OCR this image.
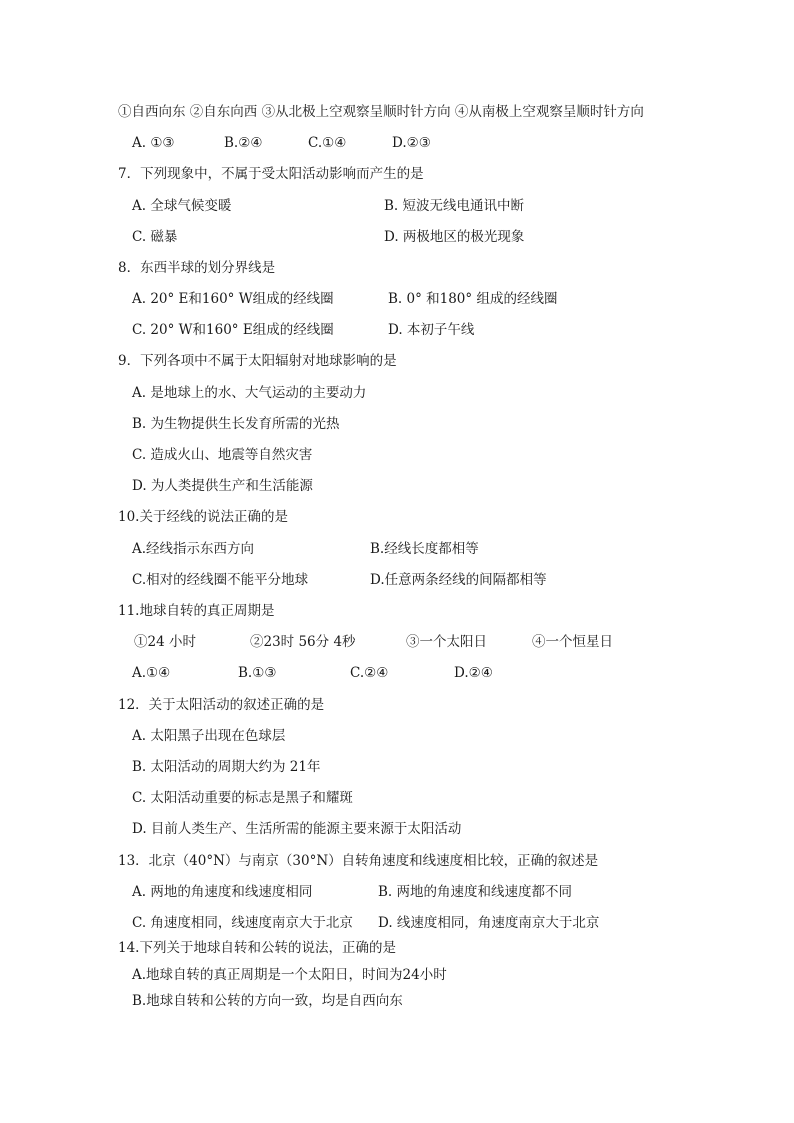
①自西向东 ②自东向西 ③从北极上空观察呈顺时针方向 ④从南极上空观察呈顺时针方向
A. ①③	B.②④	C.①④	D.②③
7．下列现象中，不属于受太阳活动影响而产生的是
A. 全球气候变暖	B. 短波无线电通讯中断
C. 磁暴	D. 两极地区的极光现象
8．东西半球的划分界线是
A. 20° E和160° W组成的经线圈	B. 0° 和180° 组成的经线圈
C. 20° W和160° E组成的经线圈	D. 本初子午线
9．下列各项中不属于太阳辐射对地球影响的是
A. 是地球上的水、大气运动的主要动力
B. 为生物提供生长发育所需的光热
C. 造成火山、地震等自然灾害
D. 为人类提供生产和生活能源
10.关于经线的说法正确的是
A.经线指示东西方向	B.经线长度都相等
C.相对的经线圈不能平分地球	D.任意两条经线的间隔都相等
11.地球自转的真正周期是
①24 小时	②23时 56分 4秒	③一个太阳日	④一个恒星日
A.①④	B.①③	C.②④	D.②④
12．关于太阳活动的叙述正确的是
A. 太阳黑子出现在色球层
B. 太阳活动的周期大约为 21年
C. 太阳活动重要的标志是黑子和耀斑
D. 目前人类生产、生活所需的能源主要来源于太阳活动
13．北京（40°N）与南京（30°N）自转角速度和线速度相比较，正确的叙述是
A. 两地的角速度和线速度相同	B. 两地的角速度和线速度都不同
C. 角速度相同，线速度南京大于北京 D. 线速度相同，角速度南京大于北京
14.下列关于地球自转和公转的说法，正确的是
A.地球自转的真正周期是一个太阳日，时间为24小时
B.地球自转和公转的方向一致，均是自西向东
